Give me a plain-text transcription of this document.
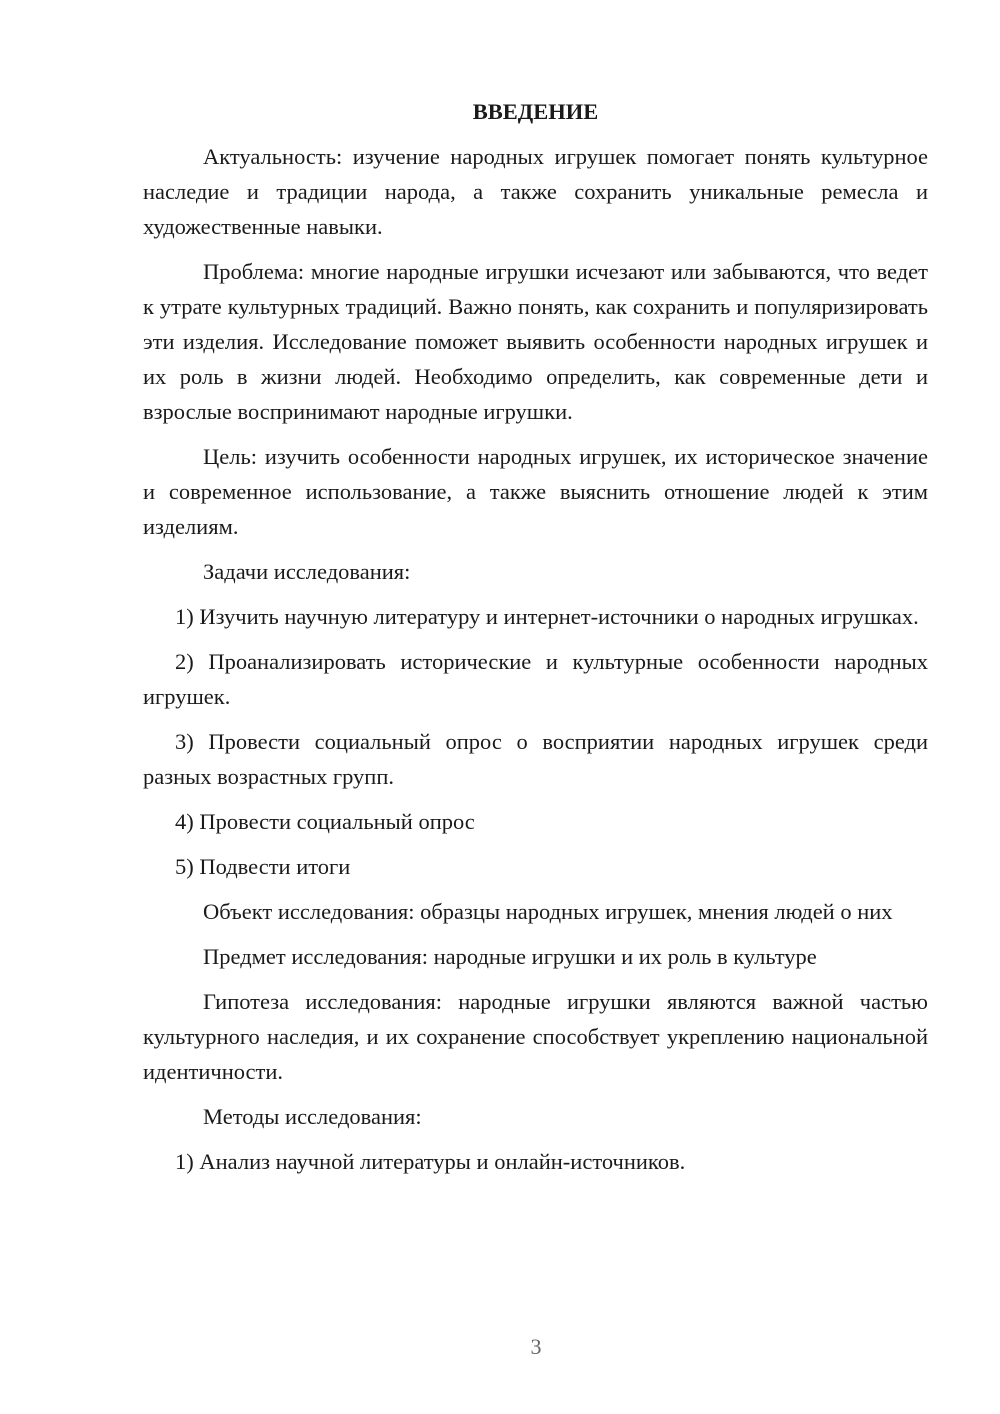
ВВЕДЕНИЕ

Актуальность: изучение народных игрушек помогает понять культурное наследие и традиции народа, а также сохранить уникальные ремесла и художественные навыки.

Проблема: многие народные игрушки исчезают или забываются, что ведет к утрате культурных традиций. Важно понять, как сохранить и популяризировать эти изделия. Исследование поможет выявить особенности народных игрушек и их роль в жизни людей. Необходимо определить, как современные дети и взрослые воспринимают народные игрушки.

Цель: изучить особенности народных игрушек, их историческое значение и современное использование, а также выяснить отношение людей к этим изделиям.

Задачи исследования:

1) Изучить научную литературу и интернет-источники о народных игрушках.

2) Проанализировать исторические и культурные особенности народных игрушек.

3) Провести социальный опрос о восприятии народных игрушек среди разных возрастных групп.

4) Провести социальный опрос

5) Подвести итоги

Объект исследования: образцы народных игрушек, мнения людей о них

Предмет исследования: народные игрушки и их роль в культуре

Гипотеза исследования: народные игрушки являются важной частью культурного наследия, и их сохранение способствует укреплению национальной идентичности.

Методы исследования:

1) Анализ научной литературы и онлайн-источников.

3
